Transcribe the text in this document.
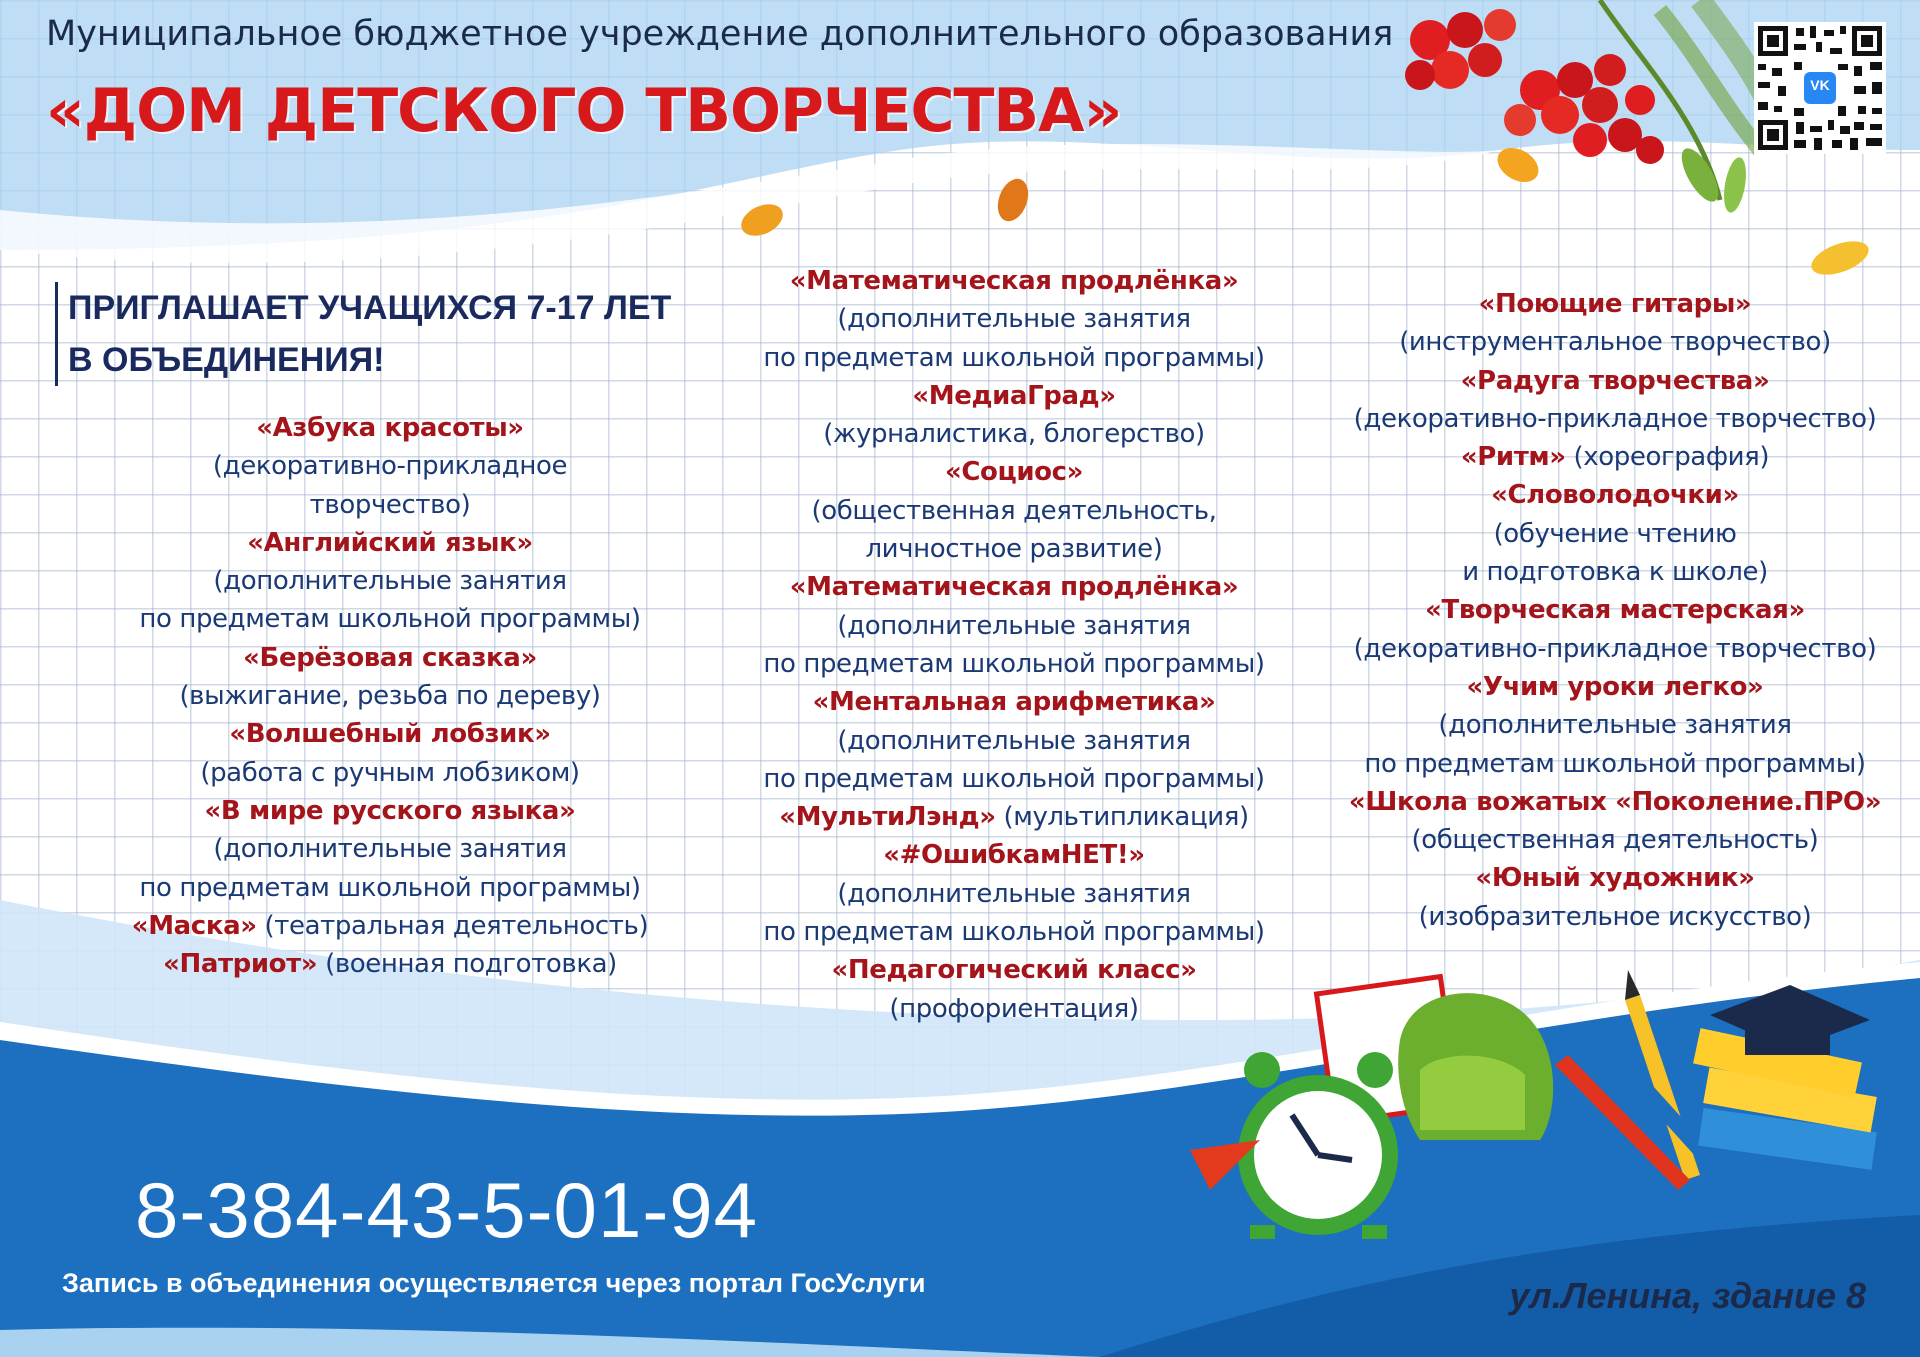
VK
Муниципальное бюджетное учреждение дополнительного образования
«ДОМ ДЕТСКОГО ТВОРЧЕСТВА»
ПРИГЛАШАЕТ УЧАЩИХСЯ 7-17 ЛЕТ
В ОБЪЕДИНЕНИЯ!
«Азбука красоты»
(декоративно-прикладное
творчество)
«Английский язык»
(дополнительные занятия
по предметам школьной программы)
«Берёзовая сказка»
(выжигание, резьба по дереву)
«Волшебный лобзик»
(работа с ручным лобзиком)
«В мире русского языка»
(дополнительные занятия
по предметам школьной программы)
«Маска» (театральная деятельность)
«Патриот» (военная подготовка)
«Математическая продлёнка»
(дополнительные занятия
по предметам школьной программы)
«МедиаГрад»
(журналистика, блогерство)
«Социос»
(общественная деятельность,
личностное развитие)
«Математическая продлёнка»
(дополнительные занятия
по предметам школьной программы)
«Ментальная арифметика»
(дополнительные занятия
по предметам школьной программы)
«МультиЛэнд» (мультипликация)
«#ОшибкамНЕТ!»
(дополнительные занятия
по предметам школьной программы)
«Педагогический класс»
(профориентация)
«Поющие гитары»
(инструментальное творчество)
«Радуга творчества»
(декоративно-прикладное творчество)
«Ритм» (хореография)
«Словолодочки»
(обучение чтению
и подготовка к школе)
«Творческая мастерская»
(декоративно-прикладное творчество)
«Учим уроки легко»
(дополнительные занятия
по предметам школьной программы)
«Школа вожатых «Поколение.ПРО»
(общественная деятельность)
«Юный художник»
(изобразительное искусство)
8-384-43-5-01-94
Запись в объединения осуществляется через портал ГосУслуги	ул.Ленина, здание 8
